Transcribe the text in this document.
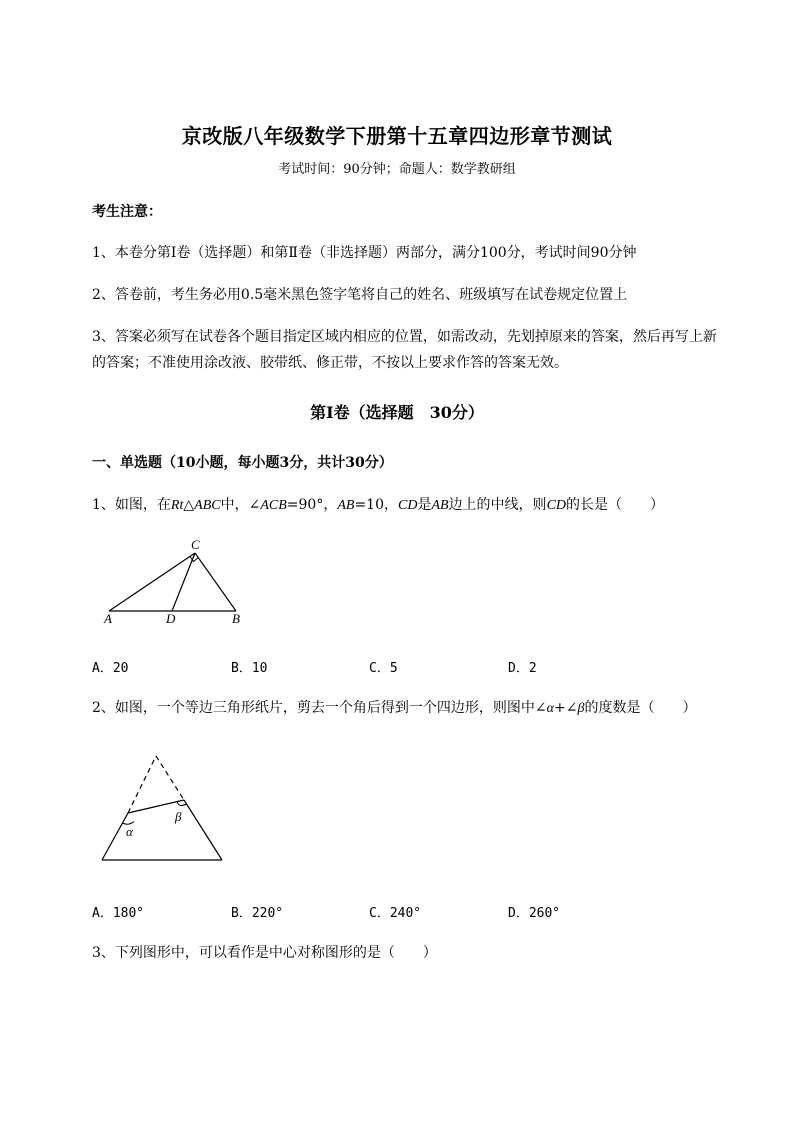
京改版八年级数学下册第十五章四边形章节测试
考试时间：90分钟；命题人：数学教研组
考生注意：
1、本卷分第I卷（选择题）和第Ⅱ卷（非选择题）两部分，满分100分，考试时间90分钟
2、答卷前，考生务必用0.5毫米黑色签字笔将自己的姓名、班级填写在试卷规定位置上
3、答案必须写在试卷各个题目指定区域内相应的位置，如需改动，先划掉原来的答案，然后再写上新
的答案；不准使用涂改液、胶带纸、修正带，不按以上要求作答的答案无效。
第I卷（选择题　30分）
一、单选题（10小题，每小题3分，共计30分）
1、如图，在Rt△ABC中，∠ACB=90°，AB=10，CD是AB边上的中线，则CD的长是（　　）
C
A	D	B
A．20	B．10	C．5	D．2
2、如图，一个等边三角形纸片，剪去一个角后得到一个四边形，则图中∠α+∠β的度数是（　　）
α
β
A．180°	B．220°	C．240°	D．260°
3、下列图形中，可以看作是中心对称图形的是（　　）
